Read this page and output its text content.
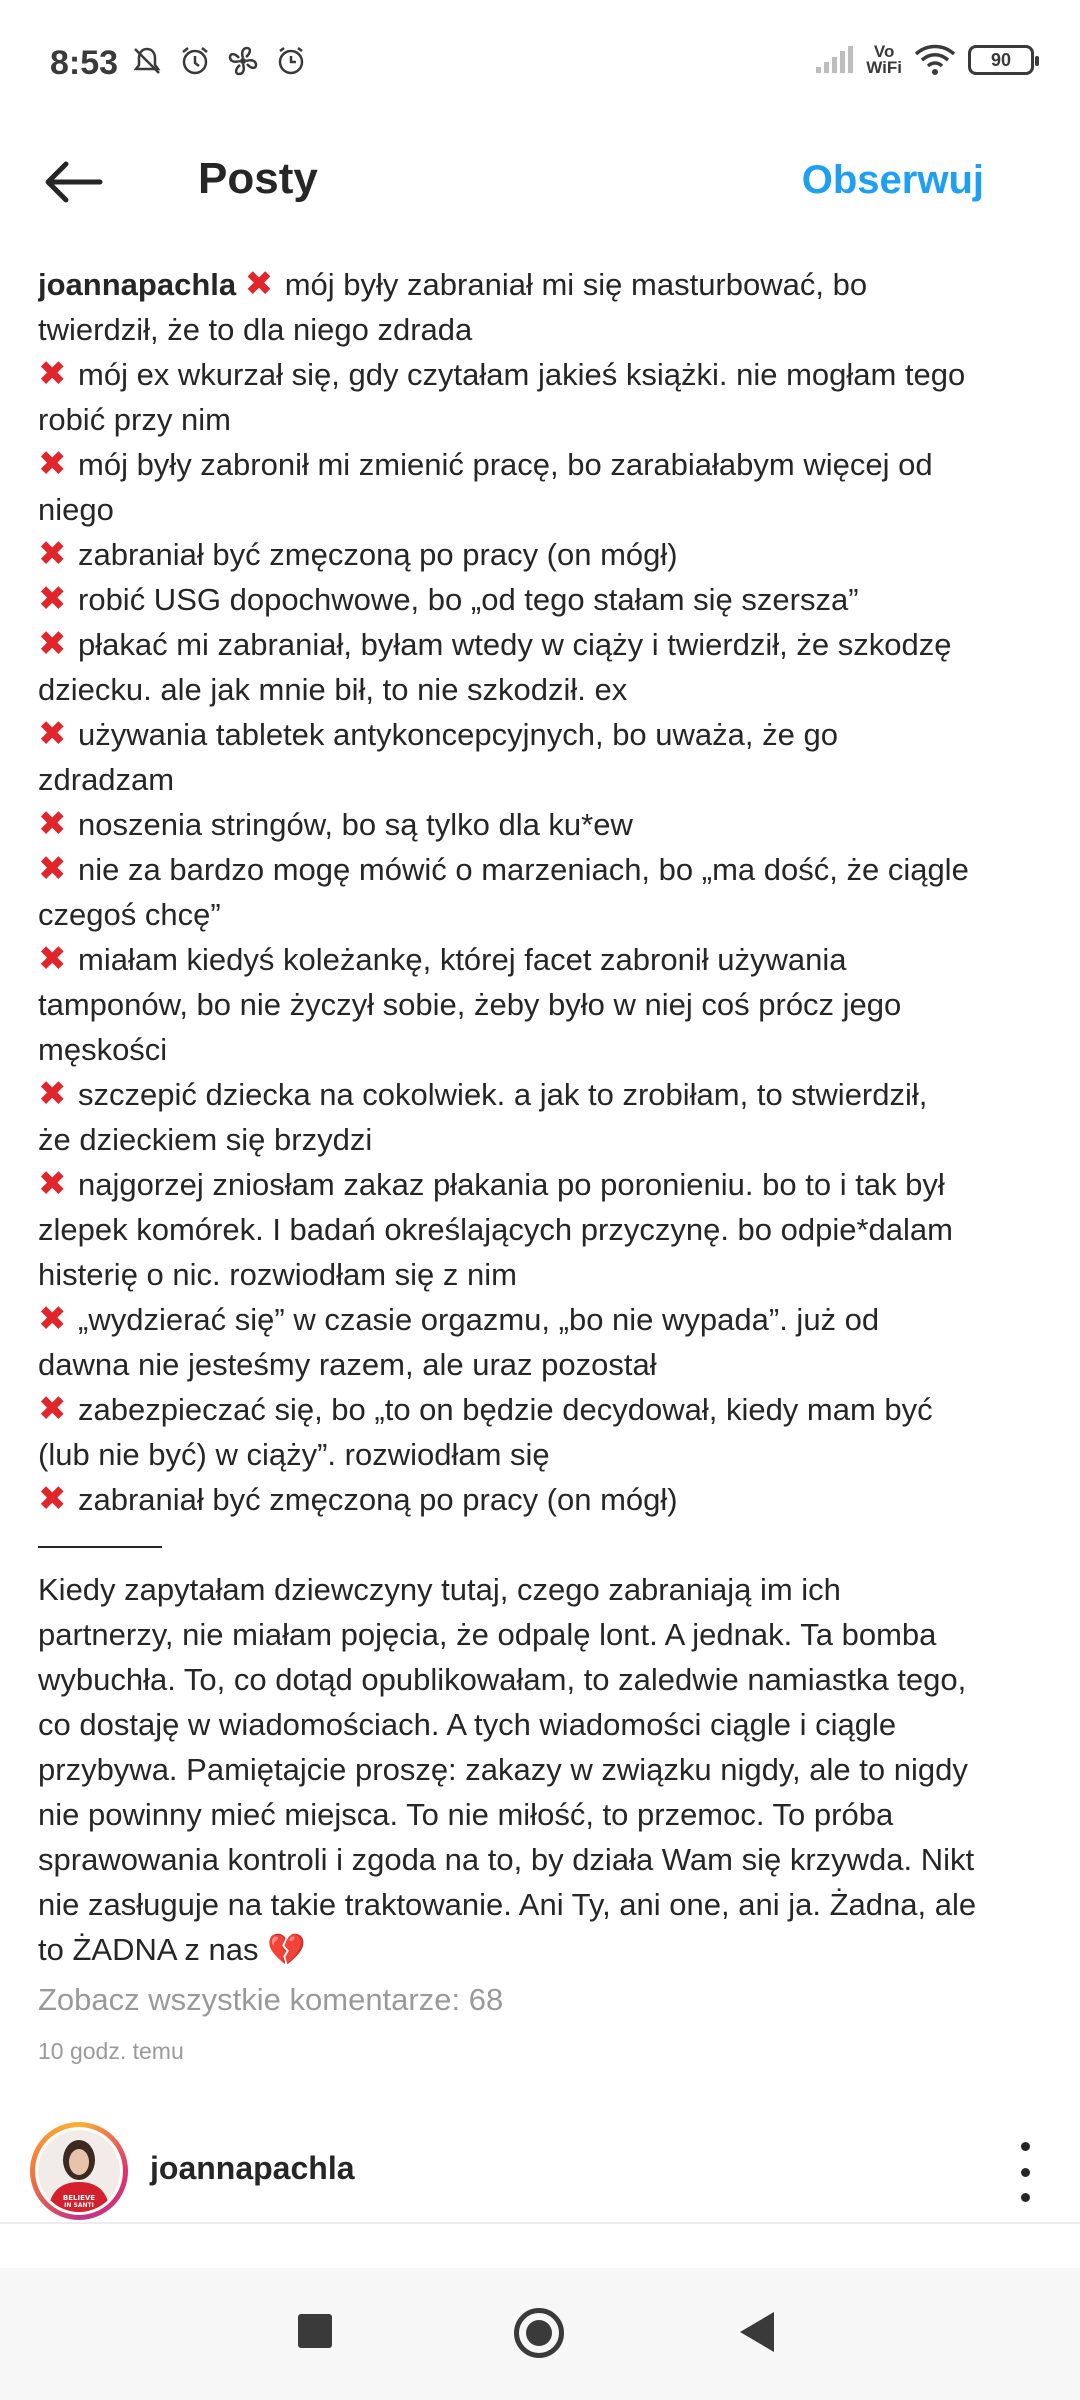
8:53	Vo
WiFi	90
Posty	Obserwuj
joannapachla ✖ mój były zabraniał mi się masturbować, bo
twierdził, że to dla niego zdrada
✖ mój ex wkurzał się, gdy czytałam jakieś książki. nie mogłam tego
robić przy nim
✖ mój były zabronił mi zmienić pracę, bo zarabiałabym więcej od
niego
✖ zabraniał być zmęczoną po pracy (on mógł)
✖ robić USG dopochwowe, bo „od tego stałam się szersza”
✖ płakać mi zabraniał, byłam wtedy w ciąży i twierdził, że szkodzę
dziecku. ale jak mnie bił, to nie szkodził. ex
✖ używania tabletek antykoncepcyjnych, bo uważa, że go
zdradzam
✖ noszenia stringów, bo są tylko dla ku*ew
✖ nie za bardzo mogę mówić o marzeniach, bo „ma dość, że ciągle
czegoś chcę”
✖ miałam kiedyś koleżankę, której facet zabronił używania
tamponów, bo nie życzył sobie, żeby było w niej coś prócz jego
męskości
✖ szczepić dziecka na cokolwiek. a jak to zrobiłam, to stwierdził,
że dzieckiem się brzydzi
✖ najgorzej zniosłam zakaz płakania po poronieniu. bo to i tak był
zlepek komórek. I badań określających przyczynę. bo odpie*dalam
histerię o nic. rozwiodłam się z nim
✖ „wydzierać się” w czasie orgazmu, „bo nie wypada”. już od
dawna nie jesteśmy razem, ale uraz pozostał
✖ zabezpieczać się, bo „to on będzie decydował, kiedy mam być
(lub nie być) w ciąży”. rozwiodłam się
✖ zabraniał być zmęczoną po pracy (on mógł)
————
Kiedy zapytałam dziewczyny tutaj, czego zabraniają im ich
partnerzy, nie miałam pojęcia, że odpalę lont. A jednak. Ta bomba
wybuchła. To, co dotąd opublikowałam, to zaledwie namiastka tego,
co dostaję w wiadomościach. A tych wiadomości ciągle i ciągle
przybywa. Pamiętajcie proszę: zakazy w związku nigdy, ale to nigdy
nie powinny mieć miejsca. To nie miłość, to przemoc. To próba
sprawowania kontroli i zgoda na to, by działa Wam się krzywda. Nikt
nie zasługuje na takie traktowanie. Ani Ty, ani one, ani ja. Żadna, ale
to ŻADNA z nas 💔
Zobacz wszystkie komentarze: 68
10 godz. temu
BELIEVE
IN SANTI
joannapachla
